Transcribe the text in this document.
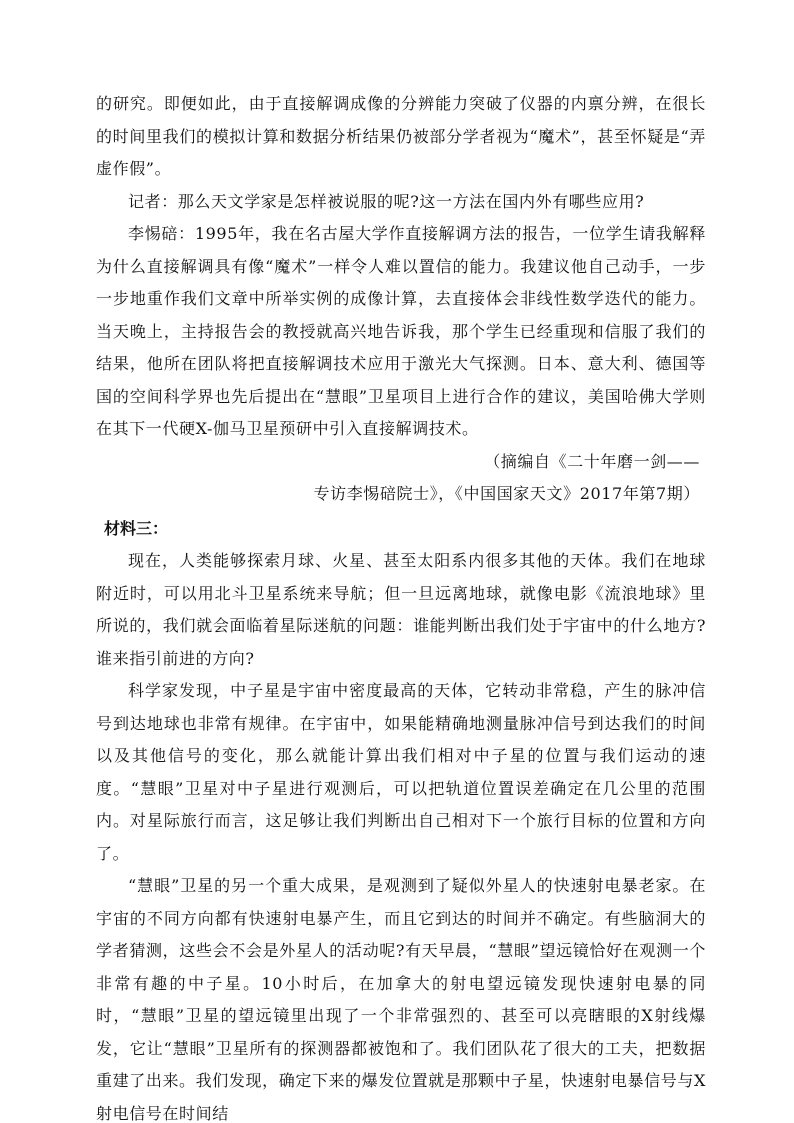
的研究。即便如此，由于直接解调成像的分辨能力突破了仪器的内禀分辨，在很长的时间里我们的模拟计算和数据分析结果仍被部分学者视为“魔术”，甚至怀疑是“弄虚作假”。

记者：那么天文学家是怎样被说服的呢?这一方法在国内外有哪些应用?

李惕碚：1995年，我在名古屋大学作直接解调方法的报告，一位学生请我解释为什么直接解调具有像“魔术”一样令人难以置信的能力。我建议他自己动手，一步一步地重作我们文章中所举实例的成像计算，去直接体会非线性数学迭代的能力。当天晚上，主持报告会的教授就高兴地告诉我，那个学生已经重现和信服了我们的结果，他所在团队将把直接解调技术应用于激光大气探测。日本、意大利、德国等国的空间科学界也先后提出在“慧眼”卫星项目上进行合作的建议，美国哈佛大学则在其下一代硬X-伽马卫星预研中引入直接解调技术。

（摘编自《二十年磨一剑——

专访李惕碚院士》，《中国国家天文》2017年第7期）

材料三：

现在，人类能够探索月球、火星、甚至太阳系内很多其他的天体。我们在地球附近时，可以用北斗卫星系统来导航；但一旦远离地球，就像电影《流浪地球》里所说的，我们就会面临着星际迷航的问题：谁能判断出我们处于宇宙中的什么地方?谁来指引前进的方向?

科学家发现，中子星是宇宙中密度最高的天体，它转动非常稳，产生的脉冲信号到达地球也非常有规律。在宇宙中，如果能精确地测量脉冲信号到达我们的时间以及其他信号的变化，那么就能计算出我们相对中子星的位置与我们运动的速度。“慧眼”卫星对中子星进行观测后，可以把轨道位置误差确定在几公里的范围内。对星际旅行而言，这足够让我们判断出自己相对下一个旅行目标的位置和方向了。

“慧眼”卫星的另一个重大成果，是观测到了疑似外星人的快速射电暴老家。在宇宙的不同方向都有快速射电暴产生，而且它到达的时间并不确定。有些脑洞大的学者猜测，这些会不会是外星人的活动呢?有天早晨，“慧眼”望远镜恰好在观测一个非常有趣的中子星。10小时后，在加拿大的射电望远镜发现快速射电暴的同时，“慧眼”卫星的望远镜里出现了一个非常强烈的、甚至可以亮瞎眼的X射线爆发，它让“慧眼”卫星所有的探测器都被饱和了。我们团队花了很大的工夫，把数据重建了出来。我们发现，确定下来的爆发位置就是那颗中子星，快速射电暴信号与X射电信号在时间结
